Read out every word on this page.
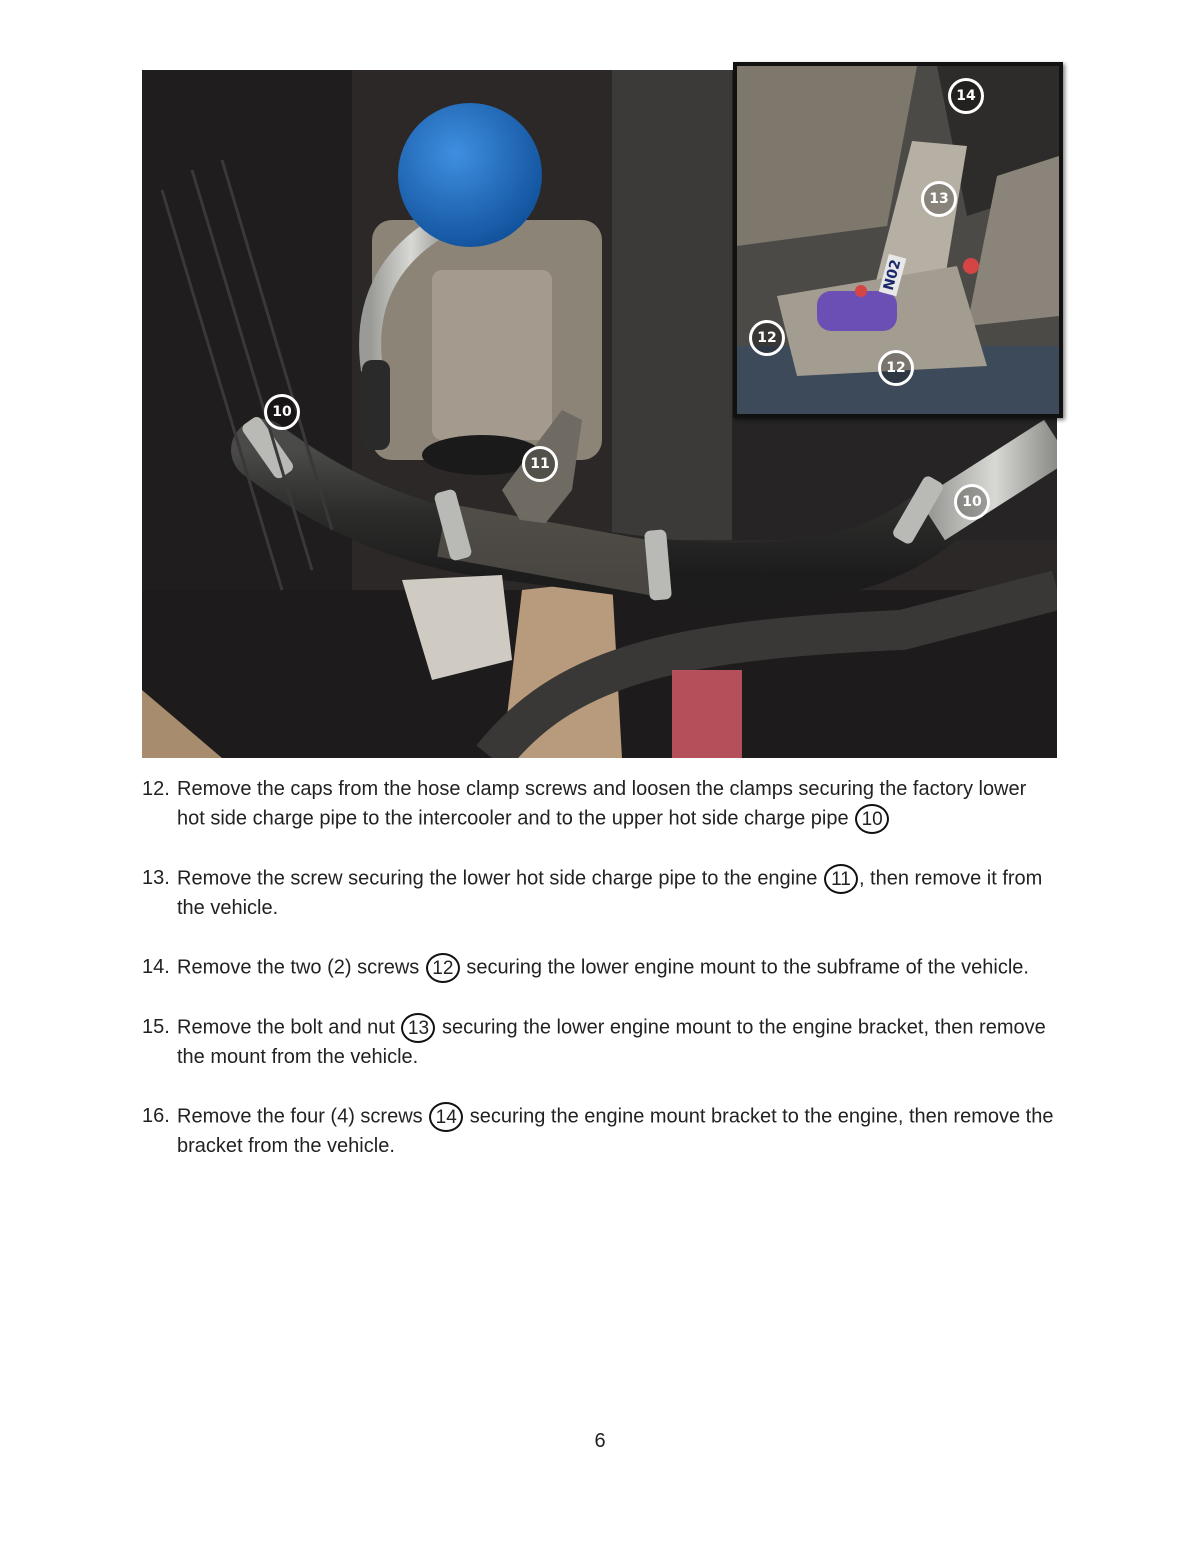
10
11
10
14
13
12
12
N02
12. Remove the caps from the hose clamp screws and loosen the clamps securing the factory lower hot side charge pipe to the intercooler and to the upper hot side charge pipe 10
13. Remove the screw securing the lower hot side charge pipe to the engine 11 , then remove it from the vehicle.
14. Remove the two (2) screws 12 securing the lower engine mount to the subframe of the vehicle.
15. Remove the bolt and nut 13 securing the lower engine mount to the engine bracket, then remove the mount from the vehicle.
16. Remove the four (4) screws 14 securing the engine mount bracket to the engine, then remove the bracket from the vehicle.
6
